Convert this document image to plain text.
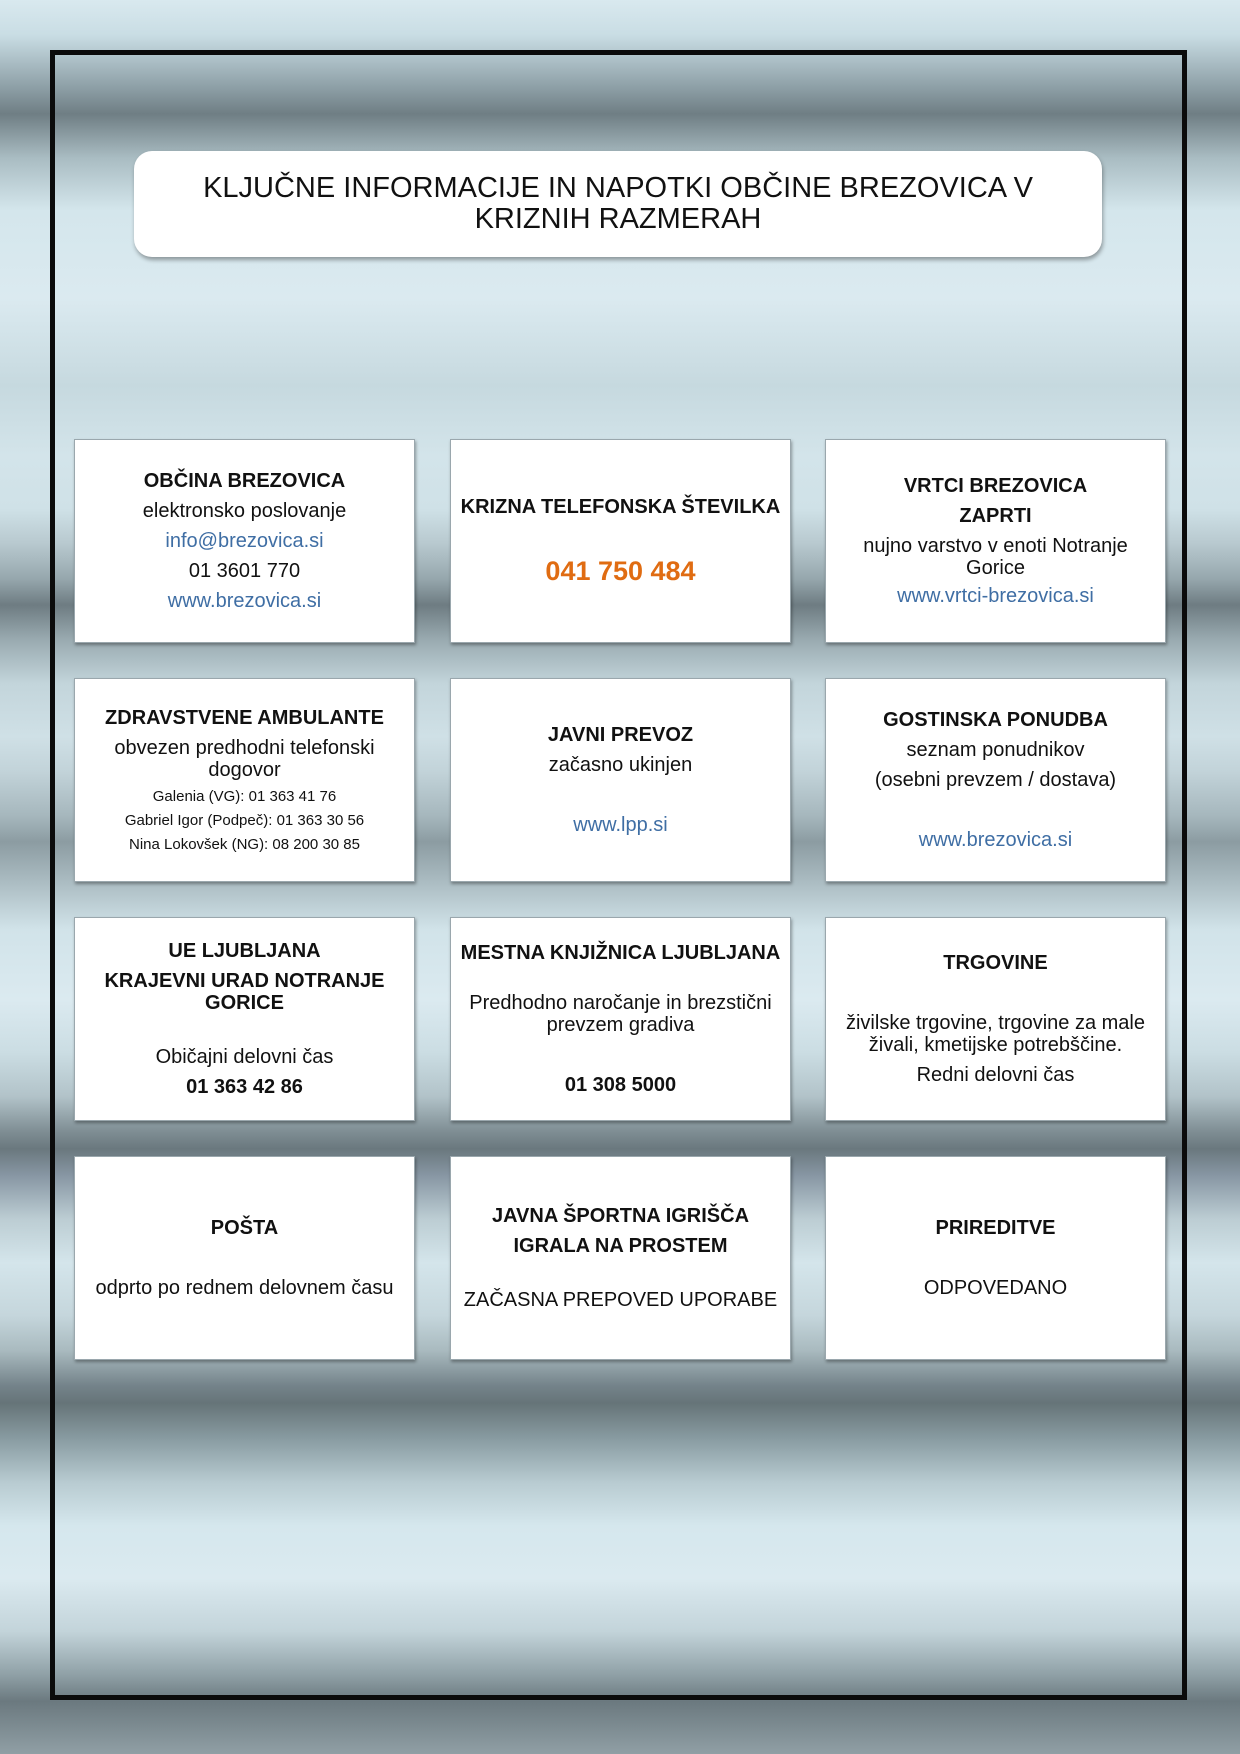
KLJUČNE INFORMACIJE IN NAPOTKI OBČINE BREZOVICA V KRIZNIH RAZMERAH
OBČINA BREZOVICA
elektronsko poslovanje
info@brezovica.si
01 3601 770
www.brezovica.si
KRIZNA TELEFONSKA ŠTEVILKA
041 750 484
VRTCI BREZOVICA
ZAPRTI
nujno varstvo v enoti Notranje Gorice
www.vrtci-brezovica.si
ZDRAVSTVENE AMBULANTE
obvezen predhodni telefonski dogovor
Galenia (VG): 01 363 41 76
Gabriel Igor (Podpeč): 01 363 30 56
Nina Lokovšek (NG): 08 200 30 85
JAVNI PREVOZ
začasno ukinjen
www.lpp.si
GOSTINSKA PONUDBA
seznam ponudnikov
(osebni prevzem / dostava)
www.brezovica.si
UE LJUBLJANA
KRAJEVNI URAD NOTRANJE GORICE
Običajni delovni čas
01 363 42 86
MESTNA KNJIŽNICA LJUBLJANA
Predhodno naročanje in brezstični prevzem gradiva
01 308 5000
TRGOVINE
živilske trgovine, trgovine za male živali, kmetijske potrebščine.
Redni delovni čas
POŠTA
odprto po rednem delovnem času
JAVNA ŠPORTNA IGRIŠČA
IGRALA NA PROSTEM
ZAČASNA PREPOVED UPORABE
PRIREDITVE
ODPOVEDANO
